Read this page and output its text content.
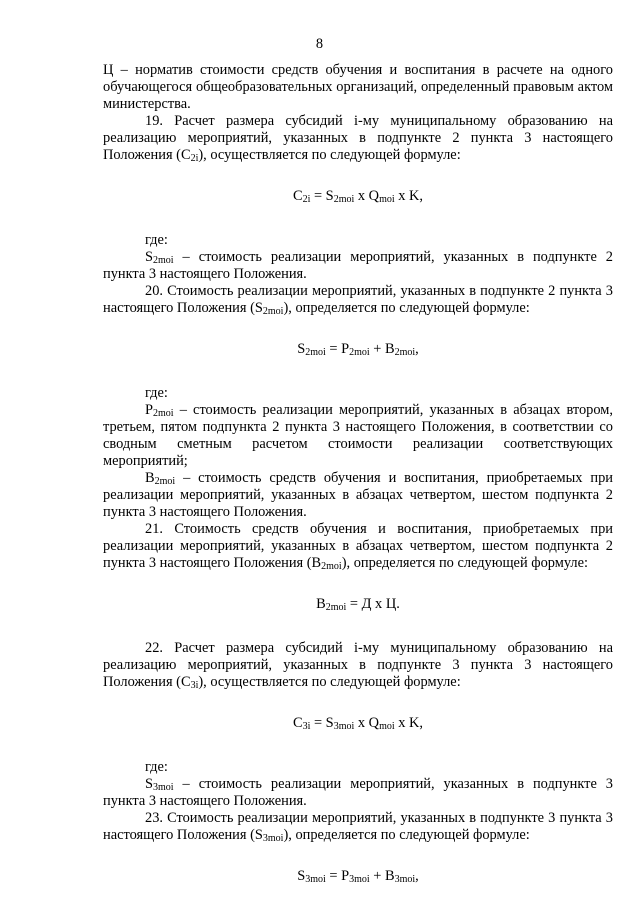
8

Ц – норматив стоимости средств обучения и воспитания в расчете на одного обучающегося общеобразовательных организаций, определенный правовым актом министерства.

19. Расчет размера субсидий i-му муниципальному образованию на реализацию мероприятий, указанных в подпункте 2 пункта 3 настоящего Положения $(С_{2i})$, осуществляется по следующей формуле:

$С_{2i} = S_{2moi}$ x $Q_{moi}$ x K,

где:

$S_{2moi}$ – стоимость реализации мероприятий, указанных в подпункте 2 пункта 3 настоящего Положения.

20. Стоимость реализации мероприятий, указанных в подпункте 2 пункта 3 настоящего Положения $(S_{2moi})$, определяется по следующей формуле:

$S_{2moi} = P_{2moi} + B_{2moi}$,

где:

$P_{2moi}$ – стоимость реализации мероприятий, указанных в абзацах втором, третьем, пятом подпункта 2 пункта 3 настоящего Положения, в соответствии со сводным сметным расчетом стоимости реализации соответствующих мероприятий;

$B_{2moi}$ – стоимость средств обучения и воспитания, приобретаемых при реализации мероприятий, указанных в абзацах четвертом, шестом подпункта 2 пункта 3 настоящего Положения.

21. Стоимость средств обучения и воспитания, приобретаемых при реализации мероприятий, указанных в абзацах четвертом, шестом подпункта 2 пункта 3 настоящего Положения $(B_{2moi})$, определяется по следующей формуле:

$B_{2moi} = Д$ x Ц.

22. Расчет размера субсидий i-му муниципальному образованию на реализацию мероприятий, указанных в подпункте 3 пункта 3 настоящего Положения $(С_{3i})$, осуществляется по следующей формуле:

$С_{3i} = S_{3moi}$ x $Q_{moi}$ x K,

где:

$S_{3moi}$ – стоимость реализации мероприятий, указанных в подпункте 3 пункта 3 настоящего Положения.

23. Стоимость реализации мероприятий, указанных в подпункте 3 пункта 3 настоящего Положения $(S_{3moi})$, определяется по следующей формуле:

$S_{3moi} = P_{3moi} + B_{3moi}$,
